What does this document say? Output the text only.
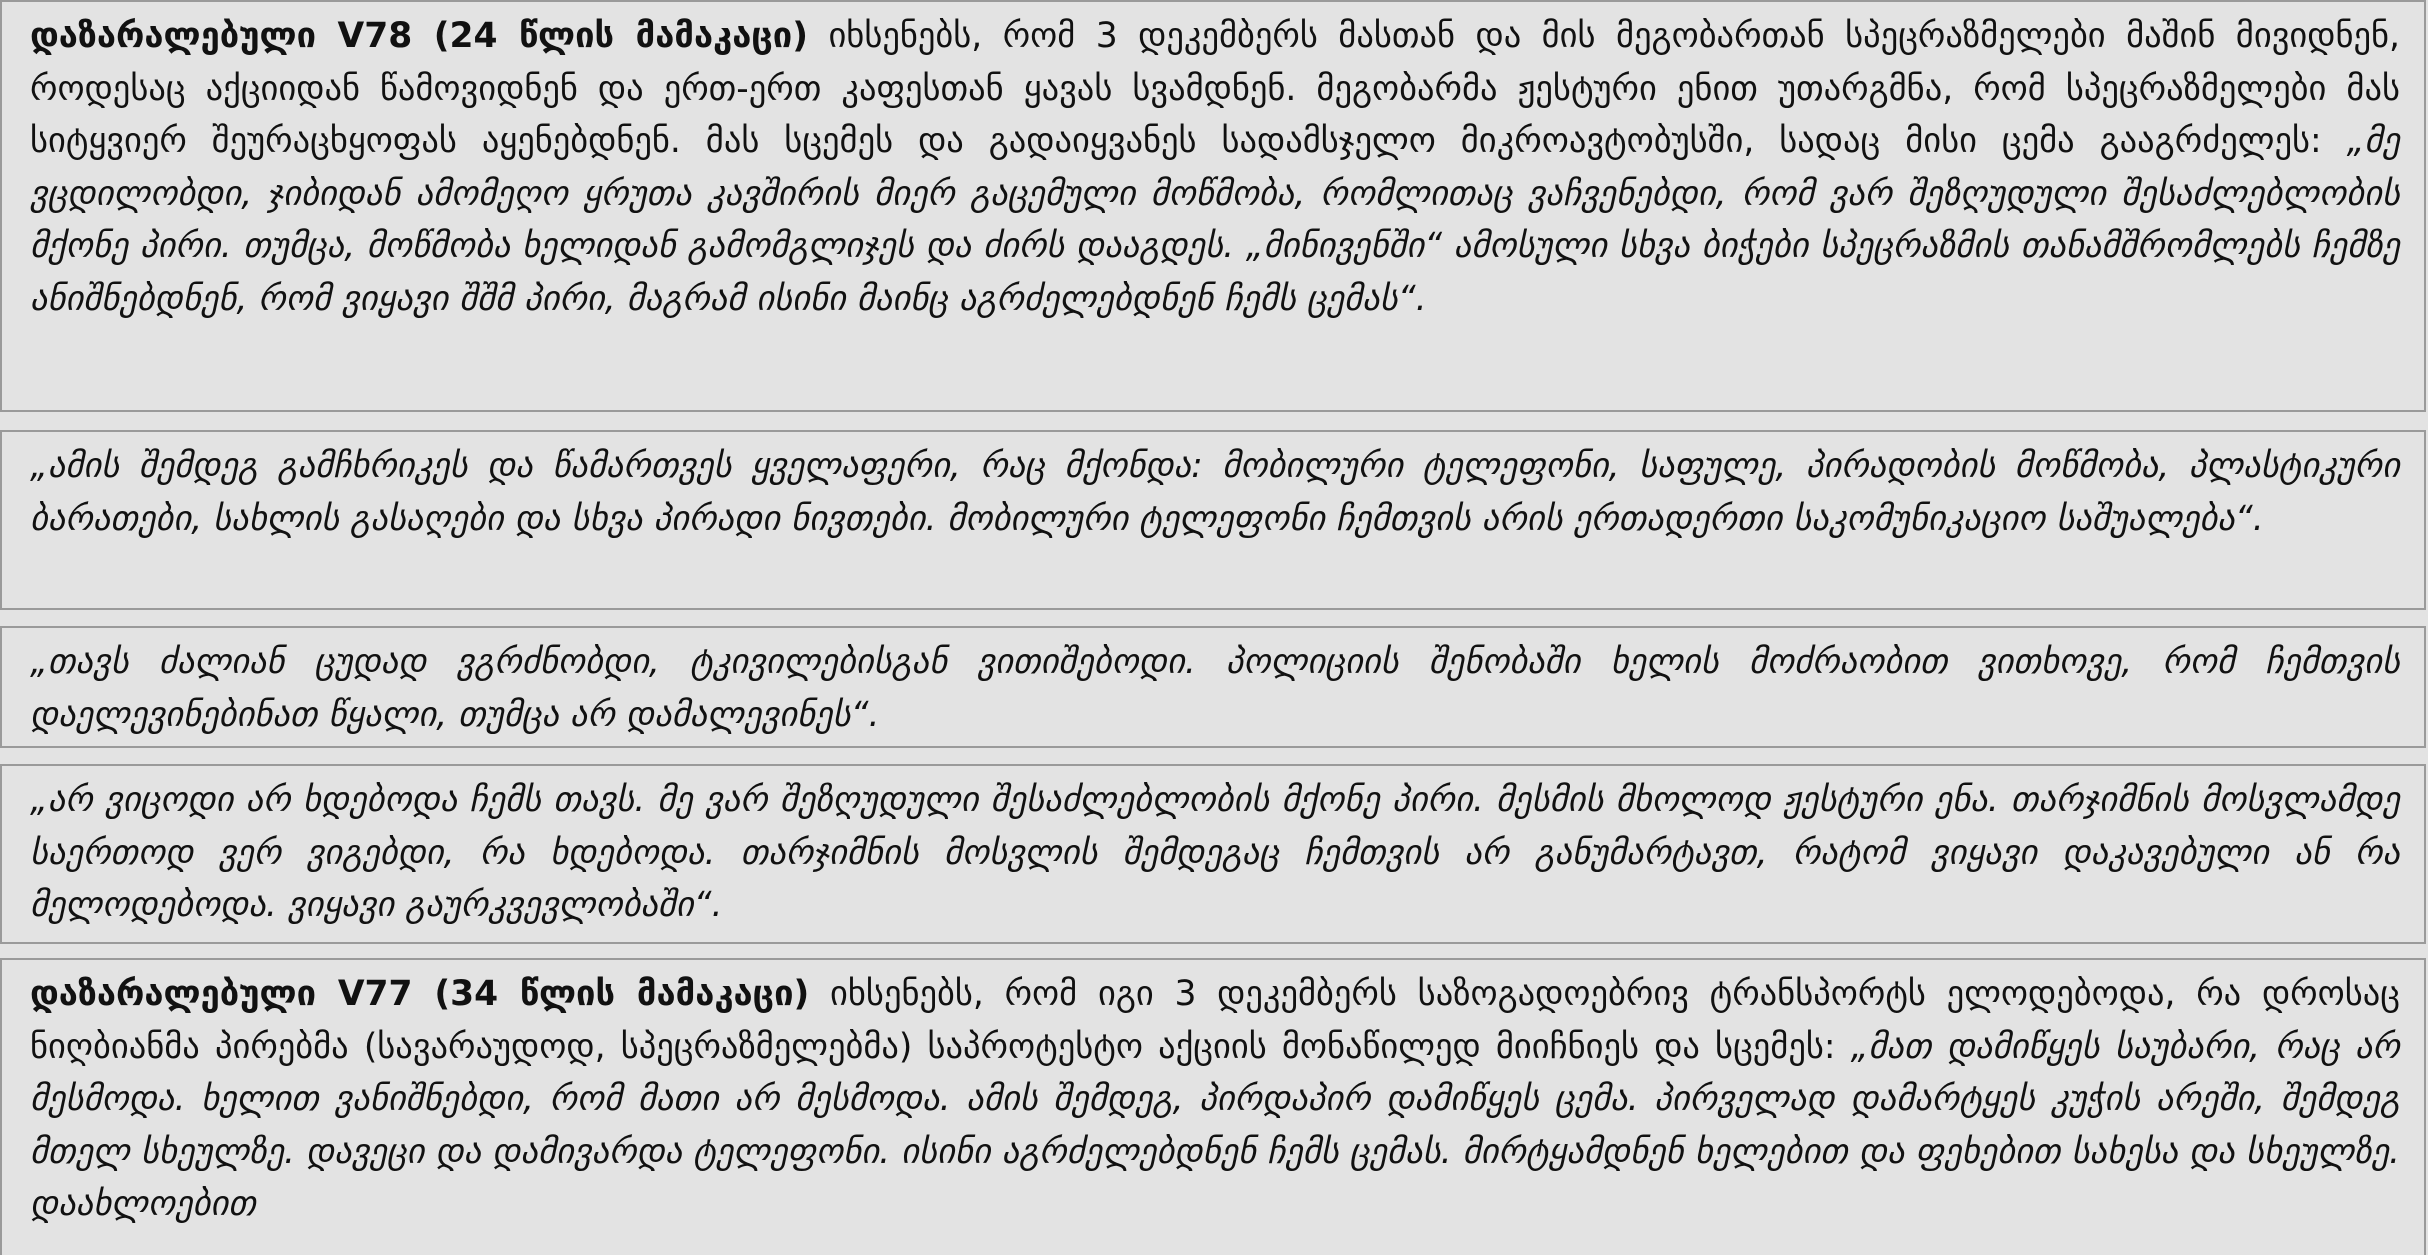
დაზარალებული V78 (24 წლის მამაკაცი) იხსენებს, რომ 3 დეკემბერს მასთან და მის მეგობართან სპეცრაზმელები მაშინ მივიდნენ, როდესაც აქციიდან წამოვიდნენ და ერთ-ერთ კაფესთან ყავას სვამდნენ. მეგობარმა ჟესტური ენით უთარგმნა, რომ სპეცრაზმელები მას სიტყვიერ შეურაცხყოფას აყენებდნენ. მას სცემეს და გადაიყვანეს სადამსჯელო მიკროავტობუსში, სადაც მისი ცემა გააგრძელეს: „მე ვცდილობდი, ჯიბიდან ამომეღო ყრუთა კავშირის მიერ გაცემული მოწმობა, რომლითაც ვაჩვენებდი, რომ ვარ შეზღუდული შესაძლებლობის მქონე პირი. თუმცა, მოწმობა ხელიდან გამომგლიჯეს და ძირს დააგდეს. „მინივენში“ ამოსული სხვა ბიჭები სპეცრაზმის თანამშრომლებს ჩემზე ანიშნებდნენ, რომ ვიყავი შშმ პირი, მაგრამ ისინი მაინც აგრძელებდნენ ჩემს ცემას“.

„ამის შემდეგ გამჩხრიკეს და წამართვეს ყველაფერი, რაც მქონდა: მობილური ტელეფონი, საფულე, პირადობის მოწმობა, პლასტიკური ბარათები, სახლის გასაღები და სხვა პირადი ნივთები. მობილური ტელეფონი ჩემთვის არის ერთადერთი საკომუნიკაციო საშუალება“.

„თავს ძალიან ცუდად ვგრძნობდი, ტკივილებისგან ვითიშებოდი. პოლიციის შენობაში ხელის მოძრაობით ვითხოვე, რომ ჩემთვის დაელევინებინათ წყალი, თუმცა არ დამალევინეს“.

„არ ვიცოდი არ ხდებოდა ჩემს თავს. მე ვარ შეზღუდული შესაძლებლობის მქონე პირი. მესმის მხოლოდ ჟესტური ენა. თარჯიმნის მოსვლამდე საერთოდ ვერ ვიგებდი, რა ხდებოდა. თარჯიმნის მოსვლის შემდეგაც ჩემთვის არ განუმარტავთ, რატომ ვიყავი დაკავებული ან რა მელოდებოდა. ვიყავი გაურკვევლობაში“.

დაზარალებული V77 (34 წლის მამაკაცი) იხსენებს, რომ იგი 3 დეკემბერს საზოგადოებრივ ტრანსპორტს ელოდებოდა, რა დროსაც ნიღბიანმა პირებმა (სავარაუდოდ, სპეცრაზმელებმა) საპროტესტო აქციის მონაწილედ მიიჩნიეს და სცემეს: „მათ დამიწყეს საუბარი, რაც არ მესმოდა. ხელით ვანიშნებდი, რომ მათი არ მესმოდა. ამის შემდეგ, პირდაპირ დამიწყეს ცემა. პირველად დამარტყეს კუჭის არეში, შემდეგ მთელ სხეულზე. დავეცი და დამივარდა ტელეფონი. ისინი აგრძელებდნენ ჩემს ცემას. მირტყამდნენ ხელებით და ფეხებით სახესა და სხეულზე. დაახლოებით
